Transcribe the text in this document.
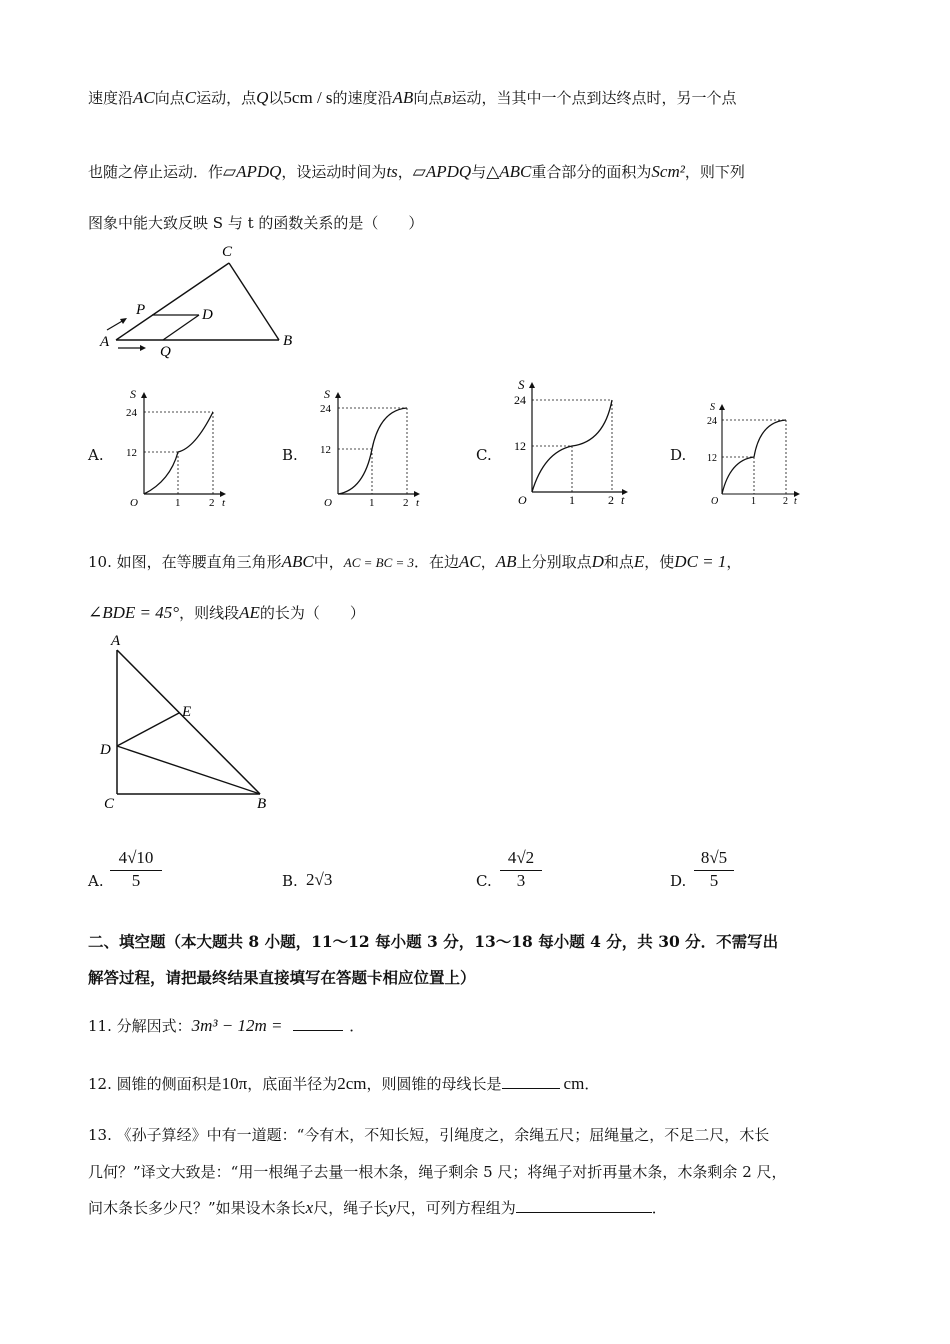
速度沿AC向点C运动，点Q以5cm / s的速度沿AB向点B运动，当其中一个点到达终点时，另一个点
也随之停止运动．作▱APDQ，设运动时间为ts，▱APDQ与△ABC重合部分的面积为Scm²，则下列
图象中能大致反映 S 与 t 的函数关系的是（　　）
C
P	D
A
Q
B
A.	B.	C.	D.
S
24
12
O	1	2 t
S
24
12
O	1	2 t
S
24
12
O	1	2 t
S
24
12
O	1	2 t
10. 如图，在等腰直角三角形ABC中，AC = BC = 3．在边AC，AB上分别取点D和点E，使DC = 1，
∠BDE = 45°，则线段AE的长为（　　）
A
E
D
C	B
A. $\frac{4√10}{5}$	B. 2√3	C. $\frac{4√2}{3}$	D. $\frac{8√5}{5}$
二、填空题（本大题共 8 小题，11～12 每小题 3 分，13～18 每小题 4 分，共 30 分．不需写出
解答过程，请把最终结果直接填写在答题卡相应位置上）
11. 分解因式：3m³ − 12m =	．
12. 圆锥的侧面积是10π，底面半径为2cm，则圆锥的母线长是	cm．
13. 《孙子算经》中有一道题：“今有木，不知长短，引绳度之，余绳五尺；屈绳量之，不足二尺，木长
几何？”译文大致是：“用一根绳子去量一根木条，绳子剩余 5 尺；将绳子对折再量木条，木条剩余 2 尺，
问木条长多少尺？”如果设木条长x尺，绳子长y尺，可列方程组为	．
